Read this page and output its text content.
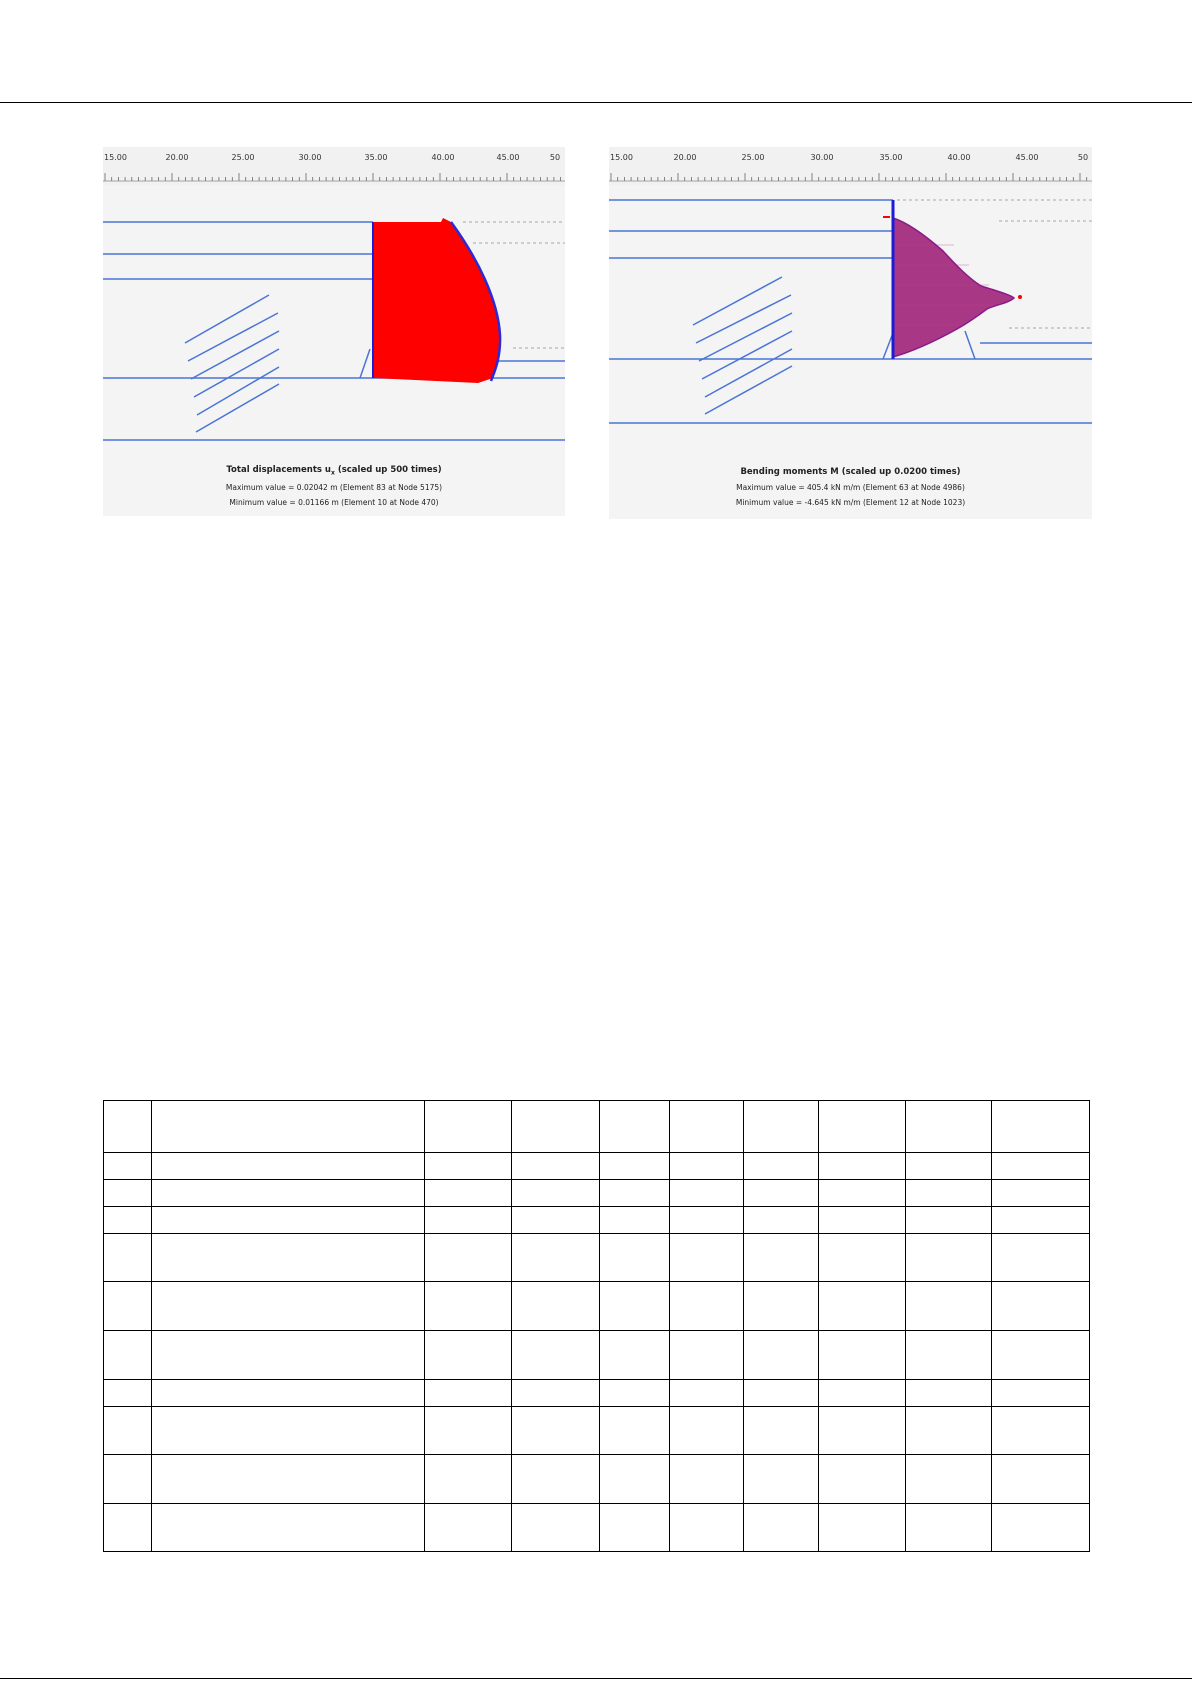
15.00	20.00	25.00	30.00	35.00	40.00	45.00	50
Total displacements $u_x$ (scaled up 500 times)
Maximum value = 0.02042 m (Element 83 at Node 5175)
Minimum value = 0.01166 m (Element 10 at Node 470)
15.00	20.00	25.00	30.00	35.00	40.00	45.00	50
Bending moments M (scaled up 0.0200 times)
Maximum value = 405.4 kN m/m (Element 63 at Node 4986)
Minimum value = -4.645 kN m/m (Element 12 at Node 1023)
